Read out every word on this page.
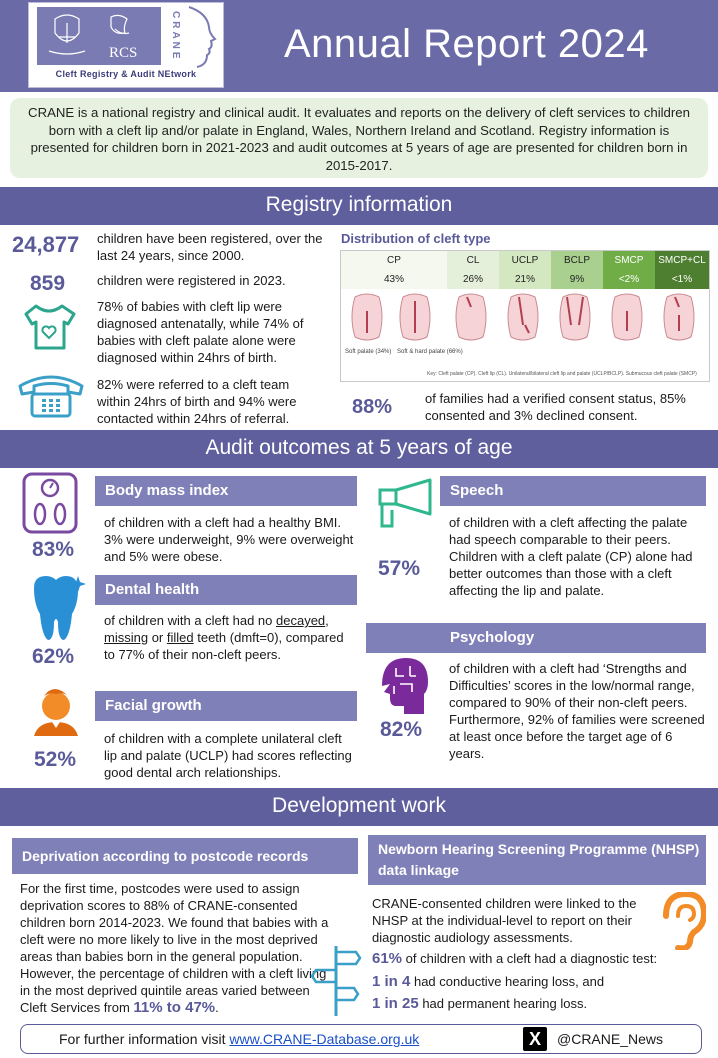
RCS	CRANE
Cleft Registry & Audit NEtwork
Annual Report 2024
CRANE is a national registry and clinical audit. It evaluates and reports on the delivery of cleft services to children born with a cleft lip and/or palate in England, Wales, Northern Ireland and Scotland. Registry information is presented for children born in 2021-2023 and audit outcomes at 5 years of age are presented for children born in 2015-2017.
Registry information
24,877 children have been registered, over the last 24 years, since 2000.
859 children were registered in 2023.
78% of babies with cleft lip were diagnosed antenatally, while 74% of babies with cleft palate alone were diagnosed within 24hrs of birth.
82% were referred to a cleft team within 24hrs of birth and 94% were contacted within 24hrs of referral.
Distribution of cleft type
CP	CL	UCLP	BCLP	SMCP	SMCP+CL
43%	26%	21%	9%	<2%	<1%
Soft palate (34%) Soft & hard palate (66%)
Key: Cleft palate (CP). Cleft lip (CL). Unilateral/bilateral cleft lip and palate (UCLP/BCLP). Submucous cleft palate (SMCP)
88%	of families had a verified consent status, 85% consented and 3% declined consent.
Audit outcomes at 5 years of age
Body mass index
83%
of children with a cleft had a healthy BMI. 3% were underweight, 9% were overweight and 5% were obese.
Dental health
62%
of children with a cleft had no decayed, missing or filled teeth (dmft=0), compared to 77% of their non-cleft peers.
Facial growth
52%
of children with a complete unilateral cleft lip and palate (UCLP) had scores reflecting good dental arch relationships.
Speech
57%
of children with a cleft affecting the palate had speech comparable to their peers. Children with a cleft palate (CP) alone had better outcomes than those with a cleft affecting the lip and palate.
Psychology
82%
of children with a cleft had ‘Strengths and Difficulties’ scores in the low/normal range, compared to 90% of their non-cleft peers. Furthermore, 92% of families were screened at least once before the target age of 6 years.
Development work
Deprivation according to postcode records
For the first time, postcodes were used to assign deprivation scores to 88% of CRANE-consented children born 2014-2023. We found that babies with a cleft were no more likely to live in the most deprived areas than babies born in the general population. However, the percentage of children with a cleft living in the most deprived quintile areas varied between Cleft Services from 11% to 47%.
Newborn Hearing Screening Programme (NHSP) data linkage
CRANE-consented children were linked to the NHSP at the individual-level to report on their diagnostic audiology assessments.
61% of children with a cleft had a diagnostic test:
1 in 4 had conductive hearing loss, and
1 in 25 had permanent hearing loss.
For further information visit www.CRANE-Database.org.uk	X	@CRANE_News
